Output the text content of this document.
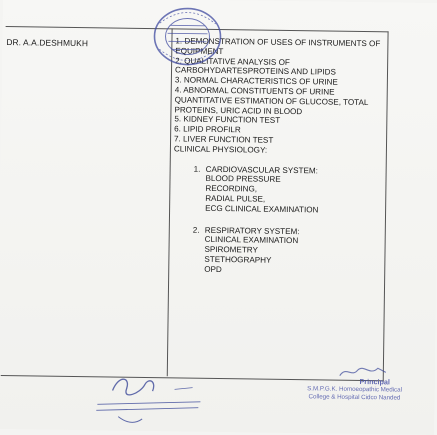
DR. A.A.DESHMUKH	1. DEMONSTRATION OF USES OF INSTRUMENTS OF EQUIPMENT
2. QUALITATIVE ANALYSIS OF CARBOHYDARTESPROTEINS AND LIPIDS
3. NORMAL CHARACTERISTICS OF URINE
4. ABNORMAL CONSTITUENTS OF URINE
QUANTITATIVE ESTIMATION OF GLUCOSE, TOTAL PROTEINS, URIC ACID IN BLOOD
5. KIDNEY FUNCTION TEST
6. LIPID PROFILR
7. LIVER FUNCTION TEST
CLINICAL PHYSIOLOGY:
1. CARDIOVASCULAR SYSTEM:
BLOOD PRESSURE
RECORDING,
RADIAL PULSE,
ECG CLINICAL EXAMINATION
2. RESPIRATORY SYSTEM:
CLINICAL EXAMINATION
SPIROMETRY
STETHOGRAPHY
OPD
Principal
S.M.P.G.K. Homoeopathic Medical
College & Hospital Cidco Nanded
